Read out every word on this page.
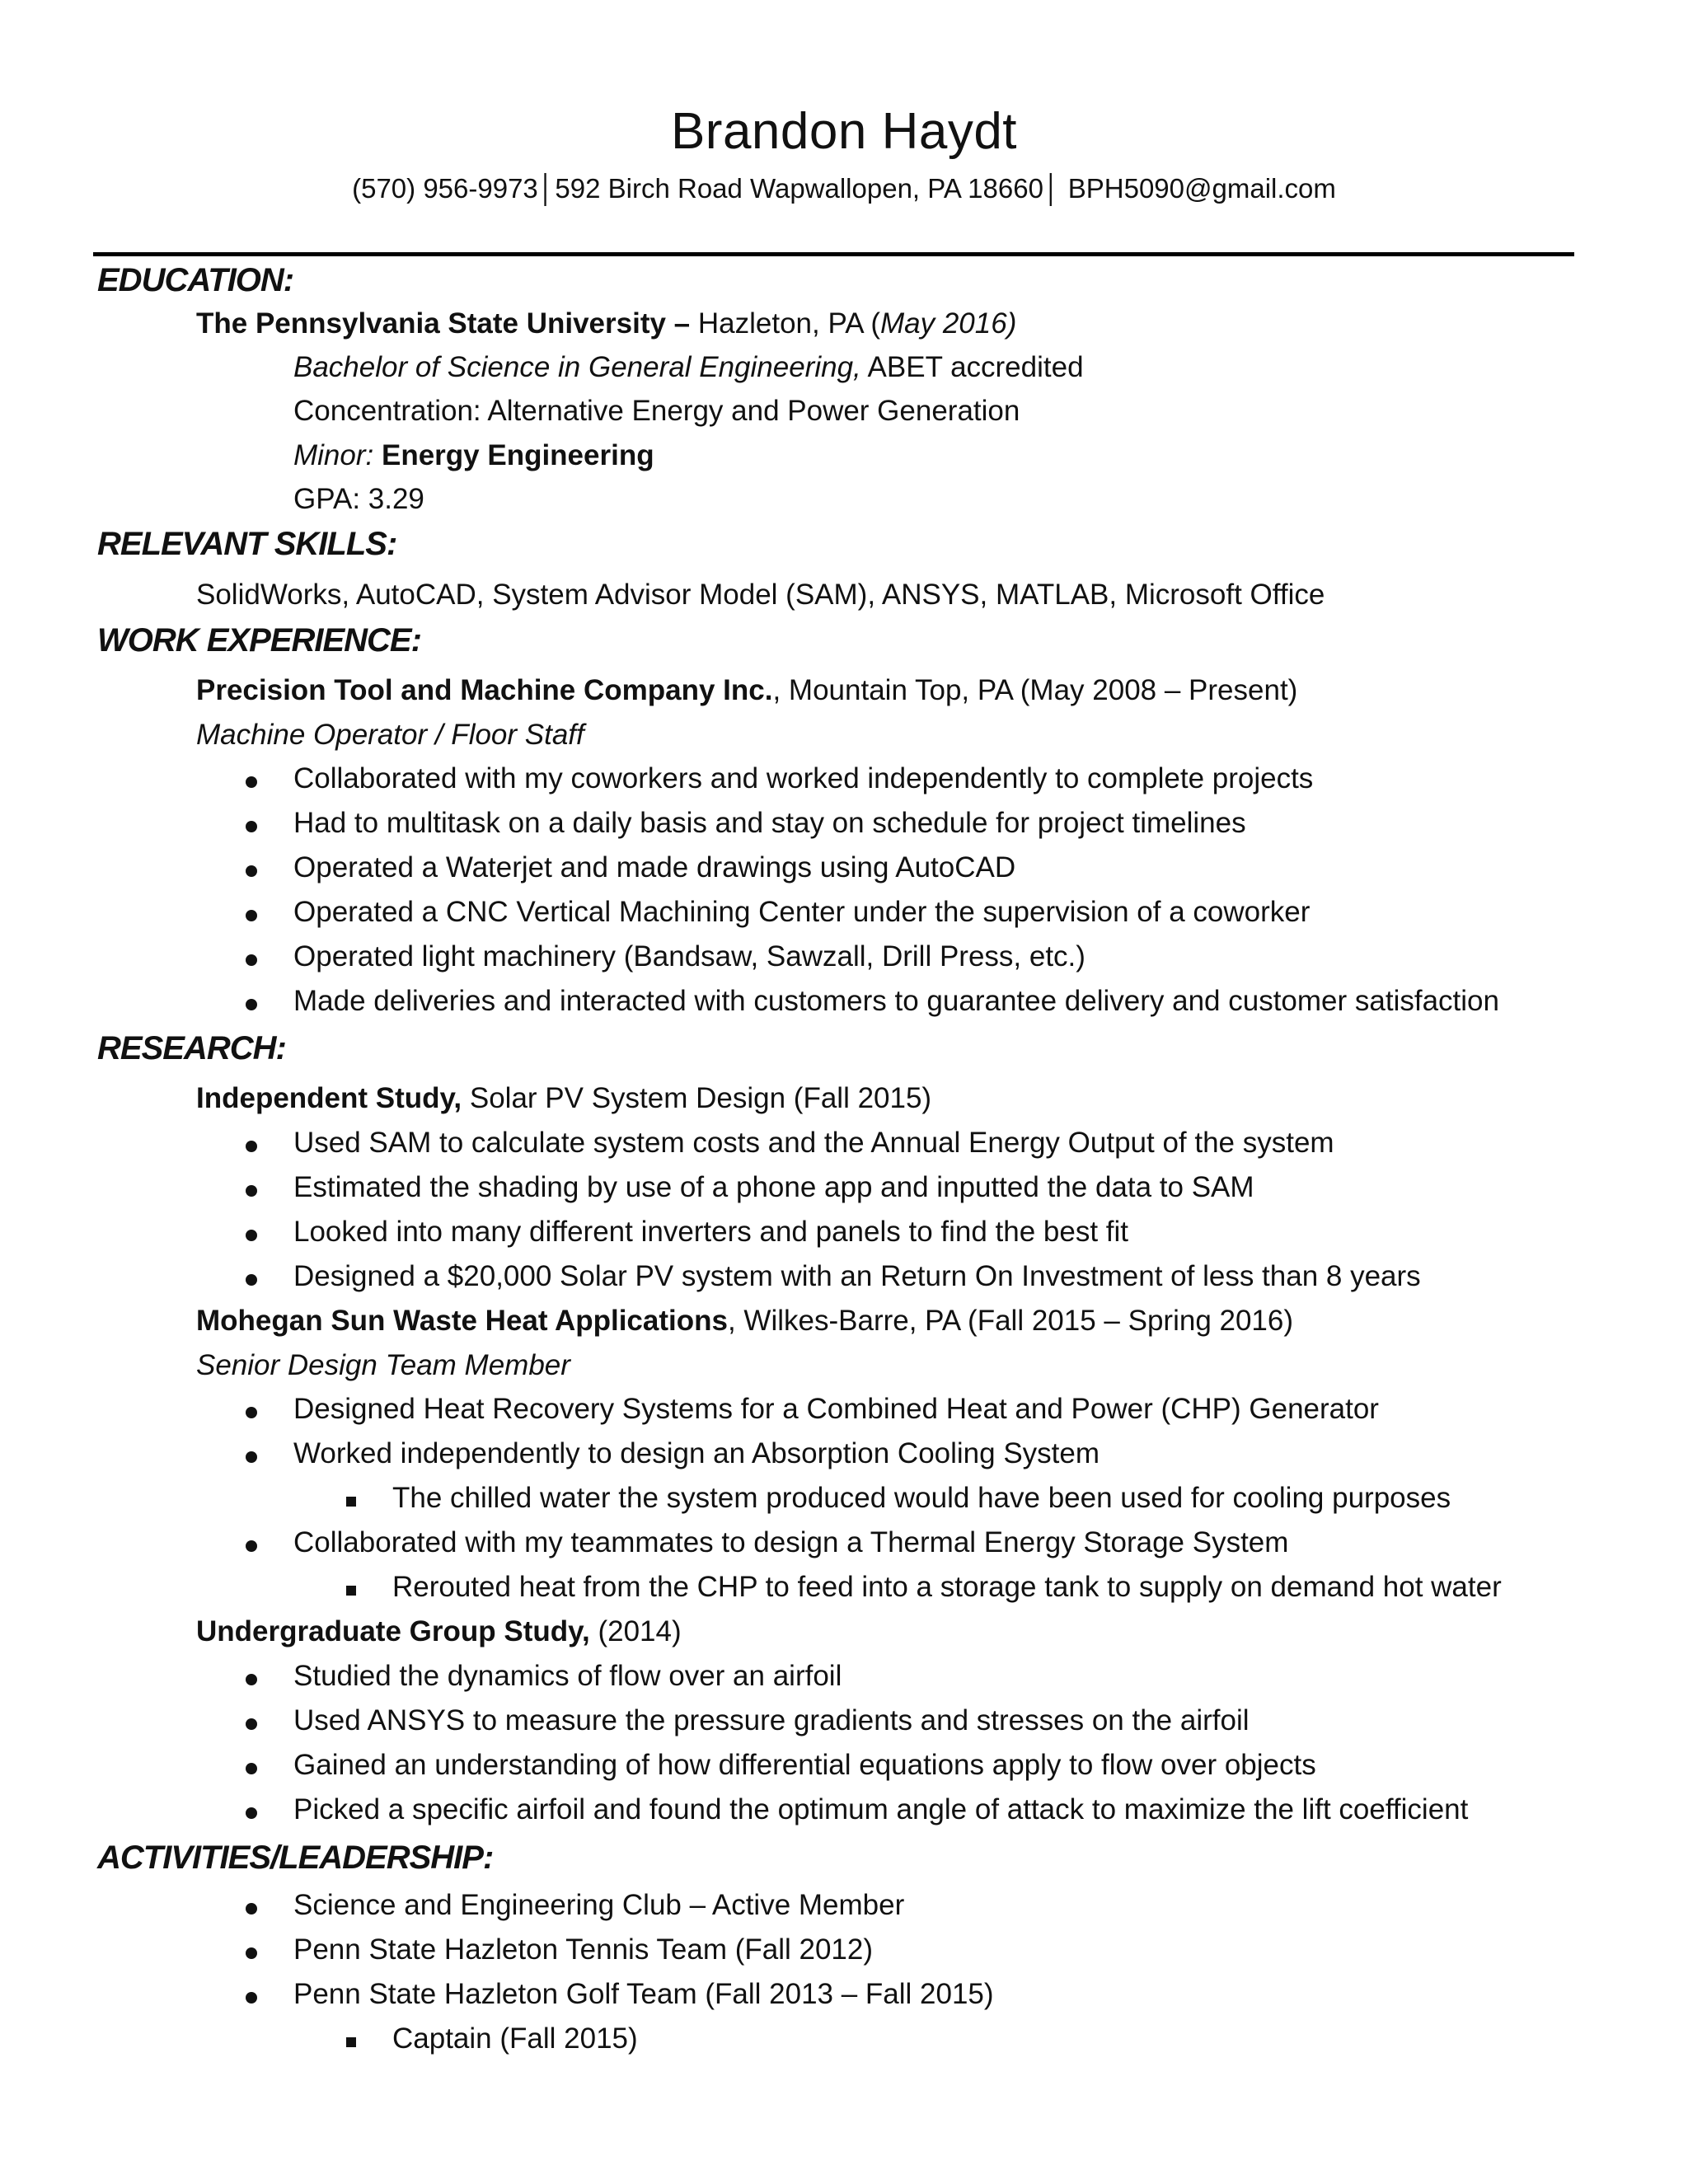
Brandon Haydt
(570) 956-9973│592 Birch Road Wapwallopen, PA 18660│ BPH5090@gmail.com
EDUCATION:
The Pennsylvania State University – Hazleton, PA (May 2016)
Bachelor of Science in General Engineering, ABET accredited
Concentration: Alternative Energy and Power Generation
Minor: Energy Engineering
GPA: 3.29
RELEVANT SKILLS:
SolidWorks, AutoCAD, System Advisor Model (SAM), ANSYS, MATLAB, Microsoft Office
WORK EXPERIENCE:
Precision Tool and Machine Company Inc., Mountain Top, PA (May 2008 – Present)
Machine Operator / Floor Staff
Collaborated with my coworkers and worked independently to complete projects
Had to multitask on a daily basis and stay on schedule for project timelines
Operated a Waterjet and made drawings using AutoCAD
Operated a CNC Vertical Machining Center under the supervision of a coworker
Operated light machinery (Bandsaw, Sawzall, Drill Press, etc.)
Made deliveries and interacted with customers to guarantee delivery and customer satisfaction
RESEARCH:
Independent Study, Solar PV System Design (Fall 2015)
Used SAM to calculate system costs and the Annual Energy Output of the system
Estimated the shading by use of a phone app and inputted the data to SAM
Looked into many different inverters and panels to find the best fit
Designed a $20,000 Solar PV system with an Return On Investment of less than 8 years
Mohegan Sun Waste Heat Applications, Wilkes-Barre, PA (Fall 2015 – Spring 2016)
Senior Design Team Member
Designed Heat Recovery Systems for a Combined Heat and Power (CHP) Generator
Worked independently to design an Absorption Cooling System
The chilled water the system produced would have been used for cooling purposes
Collaborated with my teammates to design a Thermal Energy Storage System
Rerouted heat from the CHP to feed into a storage tank to supply on demand hot water
Undergraduate Group Study, (2014)
Studied the dynamics of flow over an airfoil
Used ANSYS to measure the pressure gradients and stresses on the airfoil
Gained an understanding of how differential equations apply to flow over objects
Picked a specific airfoil and found the optimum angle of attack to maximize the lift coefficient
ACTIVITIES/LEADERSHIP:
Science and Engineering Club – Active Member
Penn State Hazleton Tennis Team (Fall 2012)
Penn State Hazleton Golf Team (Fall 2013 – Fall 2015)
Captain (Fall 2015)
